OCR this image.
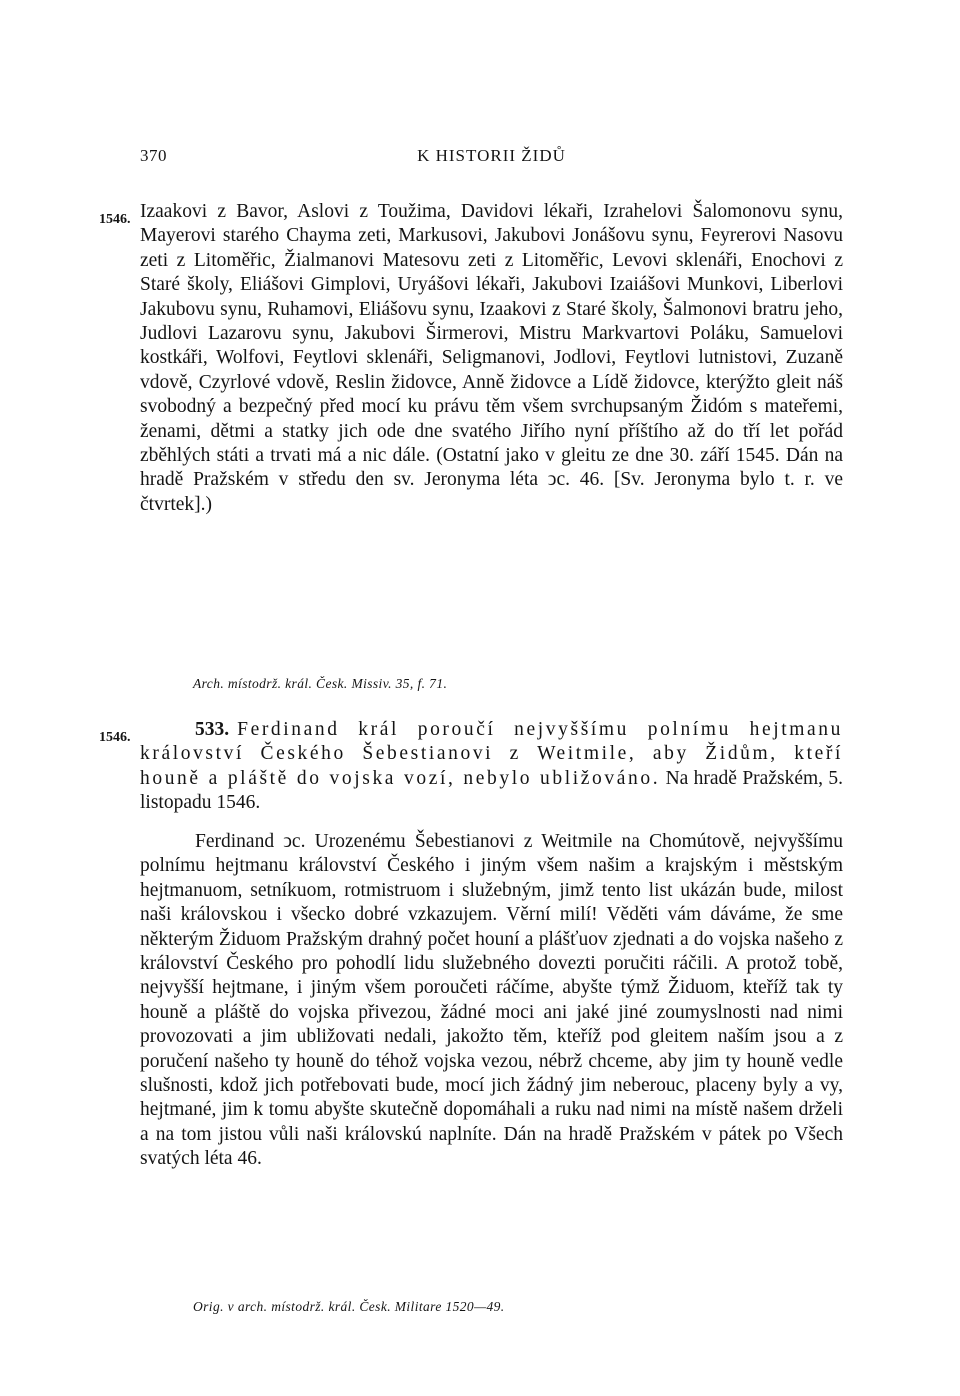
370	K HISTORII ŽIDŮ
1546. Izaakovi z Bavor, Aslovi z Toužima, Davidovi lékaři, Izrahelovi Šalomonovu synu, Mayerovi starého Chayma zeti, Markusovi, Jakubovi Jonášovu synu, Feyrerovi Nasovu zeti z Litoměřic, Žialmanovi Matesovu zeti z Litoměřic, Levovi sklenáři, Enochovi z Staré školy, Eliášovi Gimplovi, Uryášovi lékaři, Jakubovi Izaiášovi Munkovi, Liberlovi Jakubovu synu, Ruhamovi, Eliášovu synu, Izaakovi z Staré školy, Šalmonovi bratru jeho, Judlovi Lazarovu synu, Jakubovi Širmerovi, Mistru Markvartovi Poláku, Samuelovi kostkáři, Wolfovi, Feytlovi sklenáři, Seligmanovi, Jodlovi, Feytlovi lutnistovi, Zuzaně vdově, Czyrlové vdově, Reslin židovce, Anně židovce a Lídě židovce, kterýžto gleit náš svobodný a bezpečný před mocí ku právu těm všem svrchupsaným Židóm s mateřemi, ženami, dětmi a statky jich ode dne svatého Jiřího nyní příštího až do tří let pořád zběhlých státi a trvati má a nic dále. (Ostatní jako v gleitu ze dne 30. září 1545. Dán na hradě Pražském v středu den sv. Jeronyma léta ͻc. 46. [Sv. Jeronyma bylo t. r. ve čtvrtek].)
Arch. místodrž. král. Česk. Missiv. 35, f. 71.
1546.	533. Ferdinand král poroučí nejvyššímu polnímu hejtmanu království Českého Šebestianovi z Weitmile, aby Židům, kteří houně a pláště do vojska vozí, nebylo ubližováno. Na hradě Pražském, 5. listopadu 1546.
Ferdinand ͻc. Urozenému Šebestianovi z Weitmile na Chomútově, nejvyššímu polnímu hejtmanu království Českého i jiným všem našim a krajským i městským hejtmanuom, setníkuom, rotmistruom i služebným, jimž tento list ukázán bude, milost naši královskou i všecko dobré vzkazujem. Věrní milí! Věděti vám dáváme, že sme některým Židuom Pražským drahný počet houní a plášťuov zjednati a do vojska našeho z království Českého pro pohodlí lidu služebného dovezti poručiti ráčili. A protož tobě, nejvyšší hejtmane, i jiným všem poroučeti ráčíme, abyšte týmž Židuom, kteříž tak ty houně a pláště do vojska přivezou, žádné moci ani jaké jiné zoumyslnosti nad nimi provozovati a jim ubližovati nedali, jakožto těm, kteříž pod gleitem naším jsou a z poručení našeho ty houně do téhož vojska vezou, nébrž chceme, aby jim ty houně vedle slušnosti, kdož jich potřebovati bude, mocí jich žádný jim neberouc, placeny byly a vy, hejtmané, jim k tomu abyšte skutečně dopomáhali a ruku nad nimi na místě našem drželi a na tom jistou vůli naši královskú naplníte. Dán na hradě Pražském v pátek po Všech svatých léta 46.
Orig. v arch. místodrž. král. Česk. Militare 1520—49.
